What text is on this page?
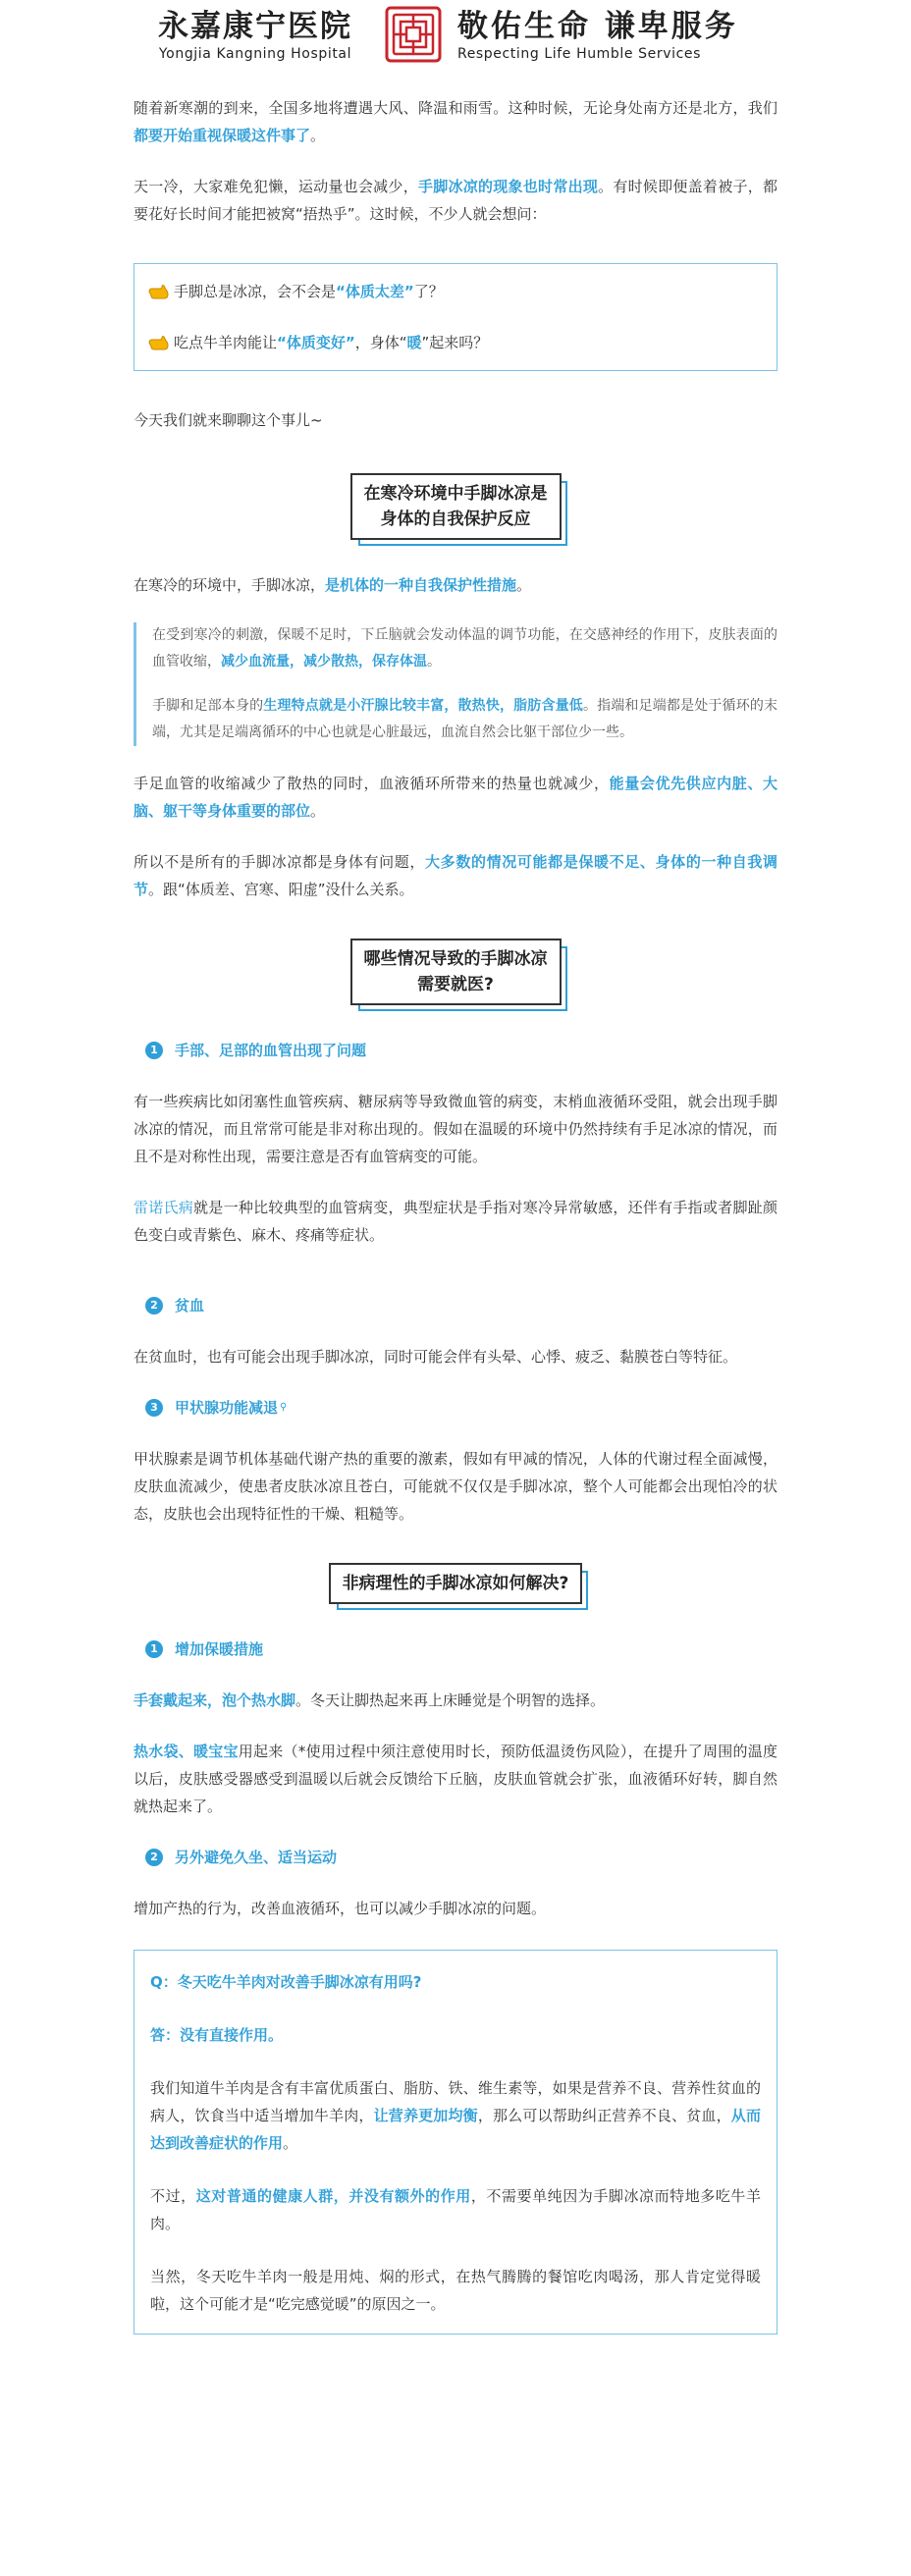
永嘉康宁医院
Yongjia Kangning Hospital
敬佑生命 谦卑服务
Respecting Life Humble Services

随着新寒潮的到来，全国多地将遭遇大风、降温和雨雪。这种时候，无论身处南方还是北方，我们都要开始重视保暖这件事了。

天一冷，大家难免犯懒，运动量也会减少，手脚冰凉的现象也时常出现。有时候即便盖着被子，都要花好长时间才能把被窝“捂热乎”。这时候，不少人就会想问：

手脚总是冰凉，会不会是 “体质太差” 了？
吃点牛羊肉能让 “体质变好” ，身体“ 暖 ”起来吗？

今天我们就来聊聊这个事儿~

在寒冷环境中手脚冰凉是
身体的自我保护反应

在寒冷的环境中，手脚冰凉，是机体的一种自我保护性措施。

在受到寒冷的刺激，保暖不足时，下丘脑就会发动体温的调节功能，在交感神经的作用下，皮肤表面的血管收缩，减少血流量，减少散热，保存体温。

手脚和足部本身的生理特点就是小汗腺比较丰富，散热快，脂肪含量低。指端和足端都是处于循环的末端，尤其是足端离循环的中心也就是心脏最远，血流自然会比躯干部位少一些。

手足血管的收缩减少了散热的同时，血液循环所带来的热量也就减少，能量会优先供应内脏、大脑、躯干等身体重要的部位。

所以不是所有的手脚冰凉都是身体有问题，大多数的情况可能都是保暖不足、身体的一种自我调节。跟“体质差、宫寒、阳虚”没什么关系。

哪些情况导致的手脚冰凉
需要就医?
1	手部、足部的血管出现了问题

有一些疾病比如闭塞性血管疾病、糖尿病等导致微血管的病变，末梢血液循环受阻，就会出现手脚冰凉的情况，而且常常可能是非对称出现的。假如在温暖的环境中仍然持续有手足冰凉的情况，而且不是对称性出现，需要注意是否有血管病变的可能。

雷诺氏病就是一种比较典型的血管病变，典型症状是手指对寒冷异常敏感，还伴有手指或者脚趾颜色变白或青紫色、麻木、疼痛等症状。

2	贫血

在贫血时，也有可能会出现手脚冰凉，同时可能会伴有头晕、心悸、疲乏、黏膜苍白等特征。

3	甲状腺功能减退 ⚲

甲状腺素是调节机体基础代谢产热的重要的激素，假如有甲减的情况，人体的代谢过程全面减慢，皮肤血流减少，使患者皮肤冰凉且苍白，可能就不仅仅是手脚冰凉，整个人可能都会出现怕冷的状态，皮肤也会出现特征性的干燥、粗糙等。

非病理性的手脚冰凉如何解决?
1	增加保暖措施

手套戴起来，泡个热水脚。冬天让脚热起来再上床睡觉是个明智的选择。

热水袋、暖宝宝用起来（*使用过程中须注意使用时长，预防低温烫伤风险），在提升了周围的温度以后，皮肤感受器感受到温暖以后就会反馈给下丘脑，皮肤血管就会扩张，血液循环好转，脚自然就热起来了。

2	另外避免久坐、适当运动

增加产热的行为，改善血液循环，也可以减少手脚冰凉的问题。

Q：冬天吃牛羊肉对改善手脚冰凉有用吗?

答：没有直接作用。

我们知道牛羊肉是含有丰富优质蛋白、脂肪、铁、维生素等，如果是营养不良、营养性贫血的病人，饮食当中适当增加牛羊肉，让营养更加均衡，那么可以帮助纠正营养不良、贫血，从而达到改善症状的作用。

不过，这对普通的健康人群，并没有额外的作用，不需要单纯因为手脚冰凉而特地多吃牛羊肉。

当然，冬天吃牛羊肉一般是用炖、焖的形式，在热气腾腾的餐馆吃肉喝汤，那人肯定觉得暖啦，这个可能才是“吃完感觉暖”的原因之一。
